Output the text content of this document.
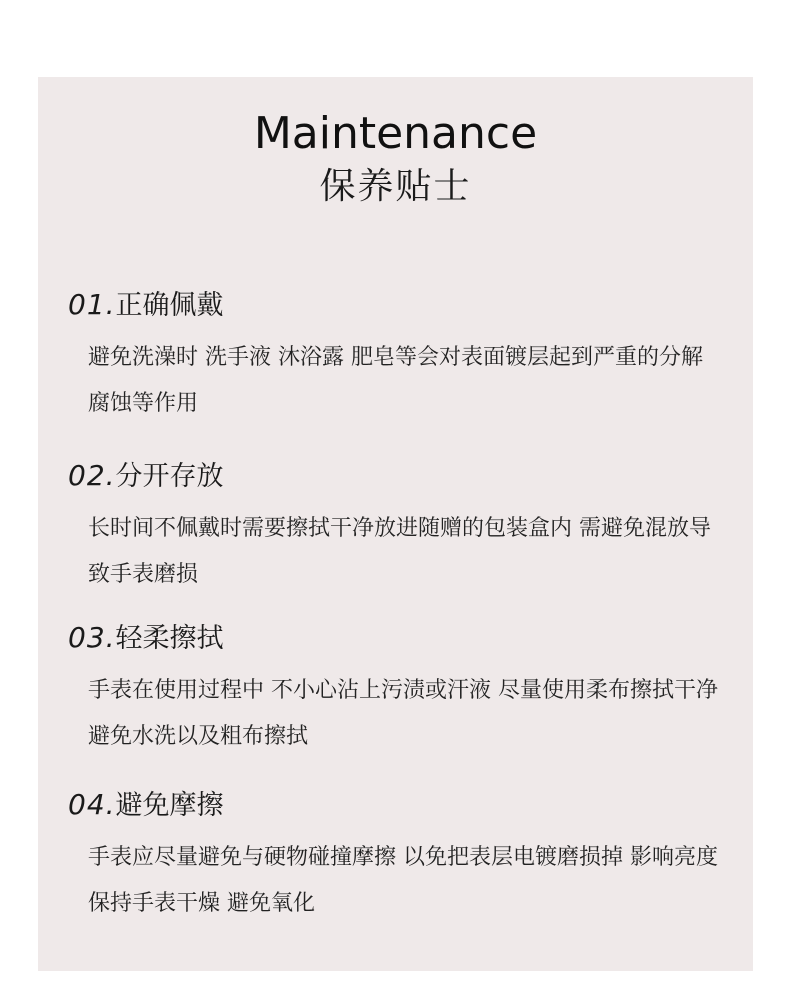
Maintenance
保养贴士
01.正确佩戴
避免洗澡时 洗手液 沐浴露 肥皂等会对表面镀层起到严重的分解 腐蚀等作用
02.分开存放
长时间不佩戴时需要擦拭干净放进随赠的包装盒内 需避免混放导致手表磨损
03.轻柔擦拭
手表在使用过程中 不小心沾上污渍或汗液 尽量使用柔布擦拭干净 避免水洗以及粗布擦拭
04.避免摩擦
手表应尽量避免与硬物碰撞摩擦 以免把表层电镀磨损掉 影响亮度 保持手表干燥 避免氧化
